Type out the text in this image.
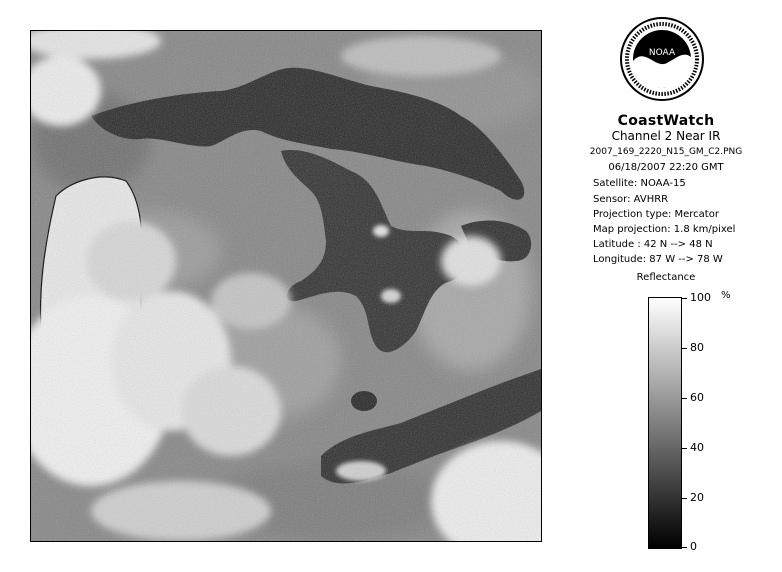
NOAA
CoastWatch
Channel 2 Near IR
2007_169_2220_N15_GM_C2.PNG
06/18/2007 22:20 GMT
Satellite: NOAA-15
Sensor: AVHRR
Projection type: Mercator
Map projection: 1.8 km/pixel
Latitude : 42 N --> 48 N
Longitude: 87 W --> 78 W
Reflectance
%
100
80
60
40
20
0
